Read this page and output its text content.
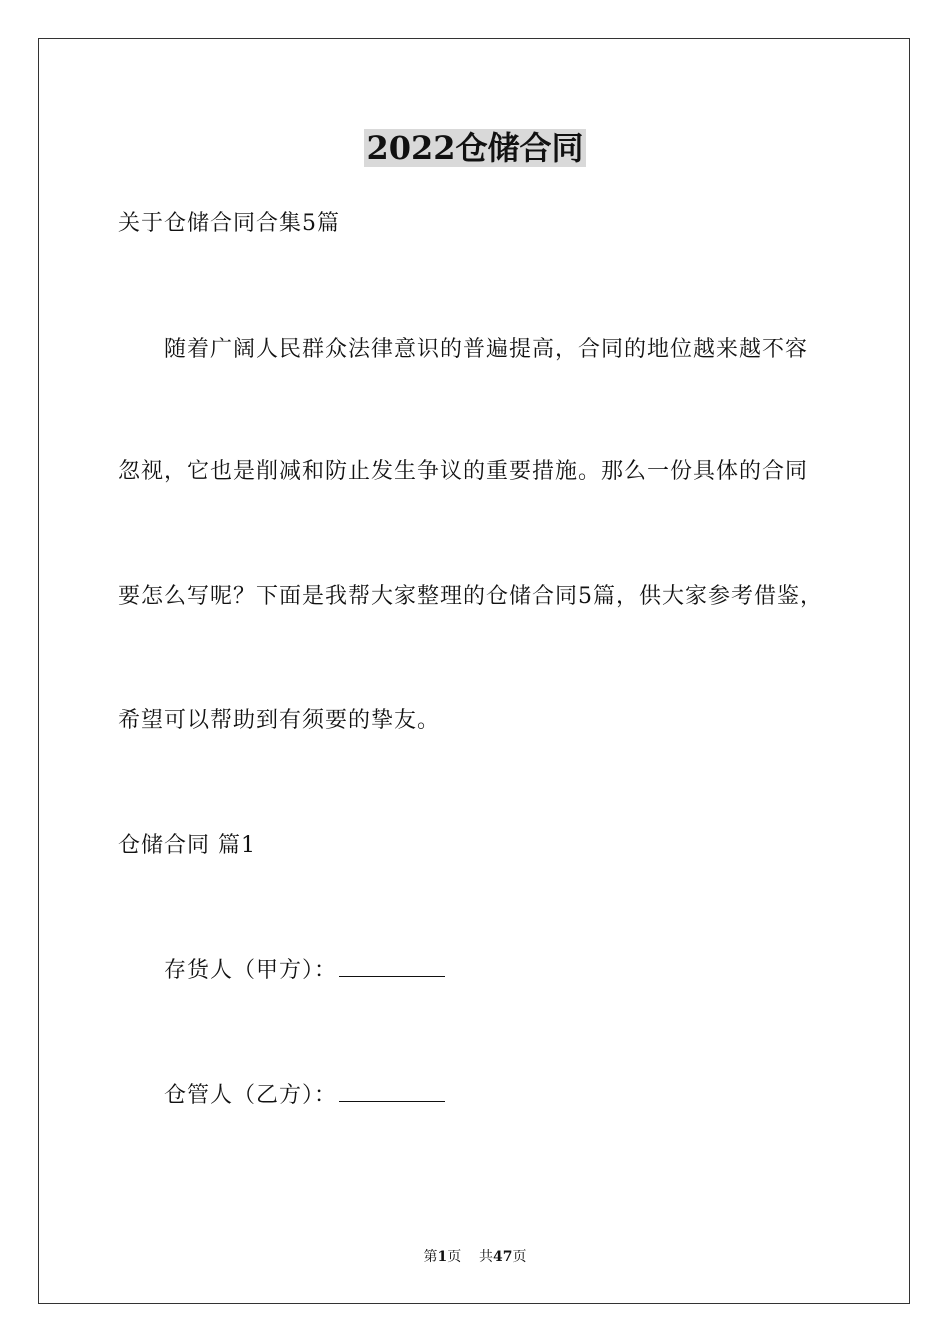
2022仓储合同
关于仓储合同合集5篇
随着广阔人民群众法律意识的普遍提高，合同的地位越来越不容
忽视，它也是削减和防止发生争议的重要措施。那么一份具体的合同
要怎么写呢？下面是我帮大家整理的仓储合同5篇，供大家参考借鉴，
希望可以帮助到有须要的挚友。
仓储合同 篇1
存货人（甲方）：
仓管人（乙方）：
第1页 共47页
